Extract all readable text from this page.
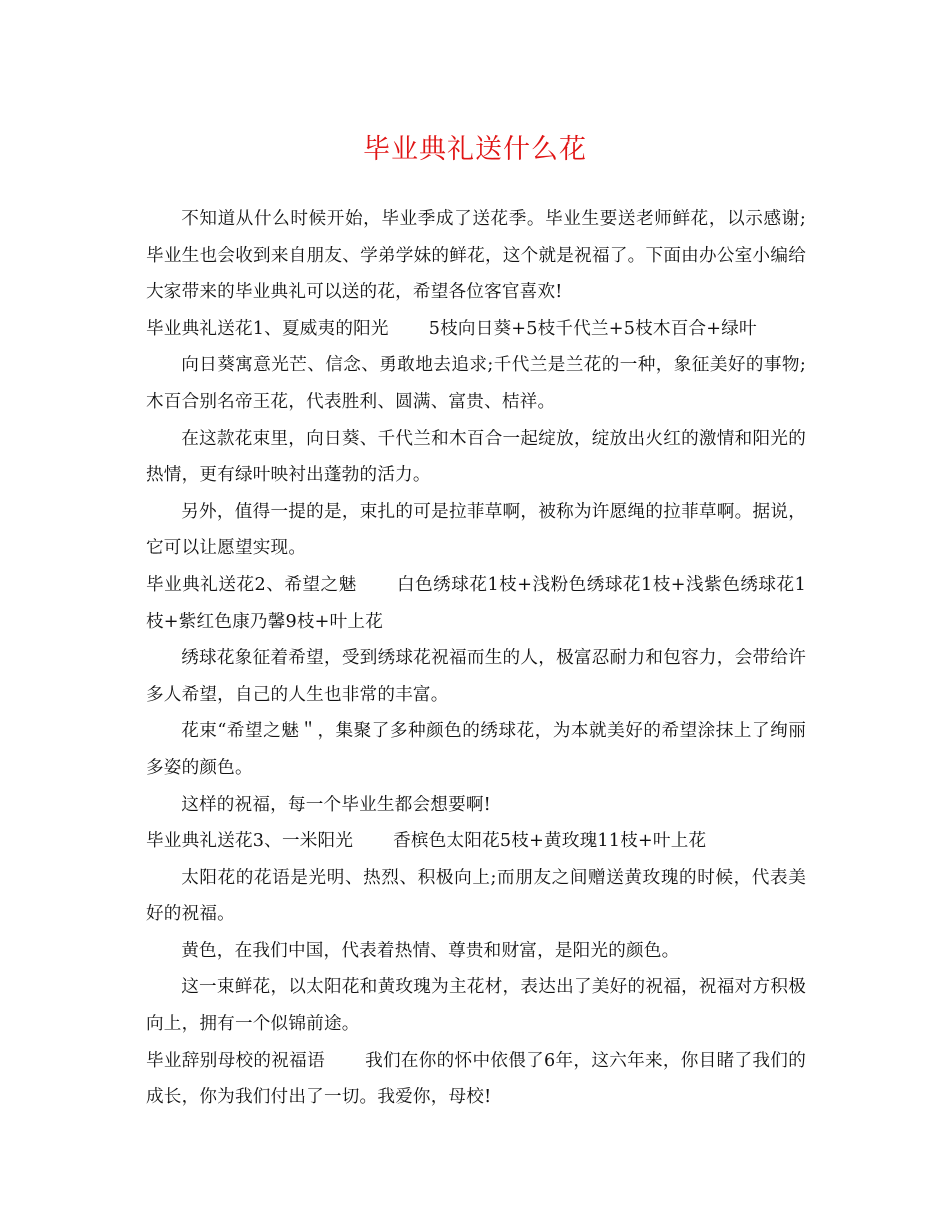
毕业典礼送什么花

不知道从什么时候开始，毕业季成了送花季。毕业生要送老师鲜花，以示感谢;毕业生也会收到来自朋友、学弟学妹的鲜花，这个就是祝福了。下面由办公室小编给大家带来的毕业典礼可以送的花，希望各位客官喜欢!

毕业典礼送花1、夏威夷的阳光 5枝向日葵+5枝千代兰+5枝木百合+绿叶

向日葵寓意光芒、信念、勇敢地去追求;千代兰是兰花的一种，象征美好的事物;木百合别名帝王花，代表胜利、圆满、富贵、桔祥。

在这款花束里，向日葵、千代兰和木百合一起绽放，绽放出火红的激情和阳光的热情，更有绿叶映衬出蓬勃的活力。

另外，值得一提的是，束扎的可是拉菲草啊，被称为许愿绳的拉菲草啊。据说，它可以让愿望实现。

毕业典礼送花2、希望之魅 白色绣球花1枝+浅粉色绣球花1枝+浅紫色绣球花1枝+紫红色康乃馨9枝+叶上花

绣球花象征着希望，受到绣球花祝福而生的人，极富忍耐力和包容力，会带给许多人希望，自己的人生也非常的丰富。

花束“希望之魅＂，集聚了多种颜色的绣球花，为本就美好的希望涂抹上了绚丽多姿的颜色。

这样的祝福，每一个毕业生都会想要啊!

毕业典礼送花3、一米阳光 香槟色太阳花5枝+黄玫瑰11枝+叶上花

太阳花的花语是光明、热烈、积极向上;而朋友之间赠送黄玫瑰的时候，代表美好的祝福。

黄色，在我们中国，代表着热情、尊贵和财富，是阳光的颜色。

这一束鲜花，以太阳花和黄玫瑰为主花材，表达出了美好的祝福，祝福对方积极向上，拥有一个似锦前途。

毕业辞别母校的祝福语 我们在你的怀中依偎了6年，这六年来，你目睹了我们的成长，你为我们付出了一切。我爱你，母校!
